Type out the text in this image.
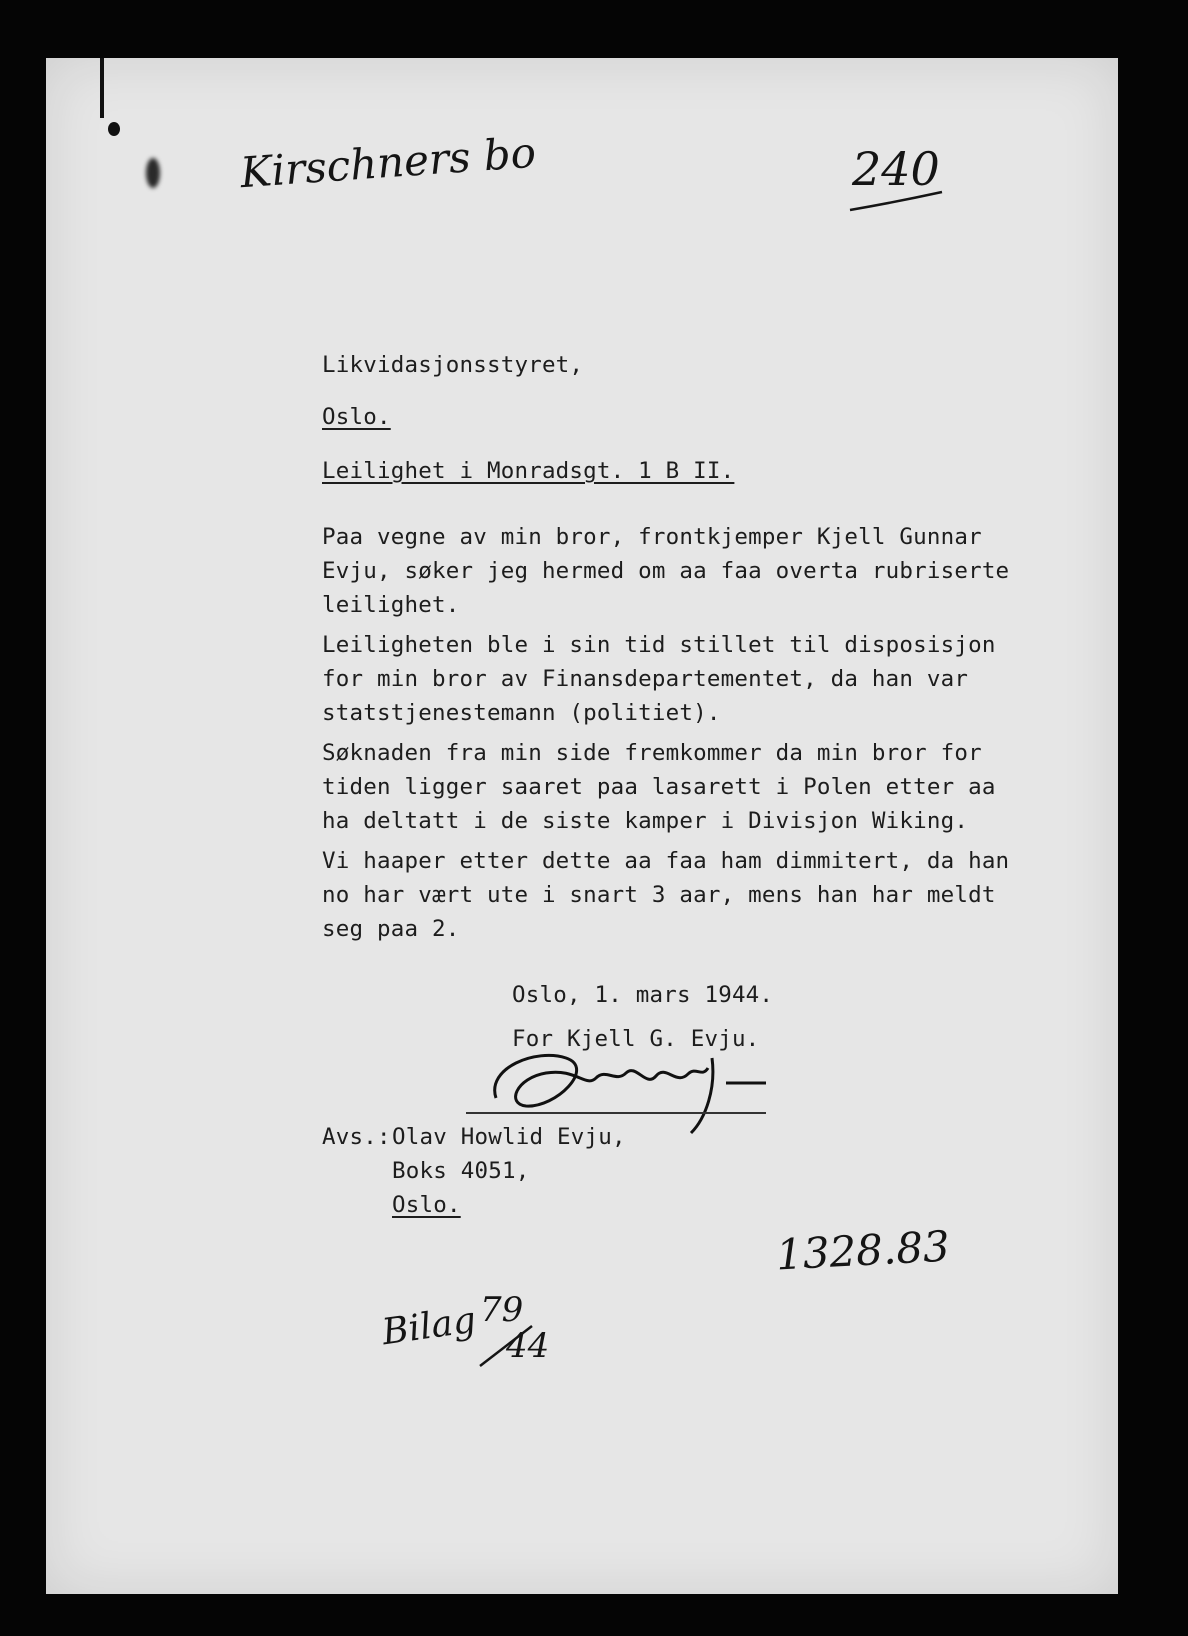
Kirschners bo	240
Likvidasjonsstyret,
Oslo.
Leilighet i Monradsgt. 1 B II.
Paa vegne av min bror, frontkjemper Kjell Gunnar
Evju, søker jeg hermed om aa faa overta rubriserte
leilighet.
Leiligheten ble i sin tid stillet til disposisjon
for min bror av Finansdepartementet, da han var
statstjenestemann (politiet).
Søknaden fra min side fremkommer da min bror for
tiden ligger saaret paa lasarett i Polen etter aa
ha deltatt i de siste kamper i Divisjon Wiking.
Vi haaper etter dette aa faa ham dimmitert, da han
no har vært ute i snart 3 aar, mens han har meldt
seg paa 2.
Oslo, 1. mars 1944.
For Kjell G. Evju.
Avs.: Olav Howlid Evju,
Boks 4051,
Oslo.
1328.83
Bilag 79
44
